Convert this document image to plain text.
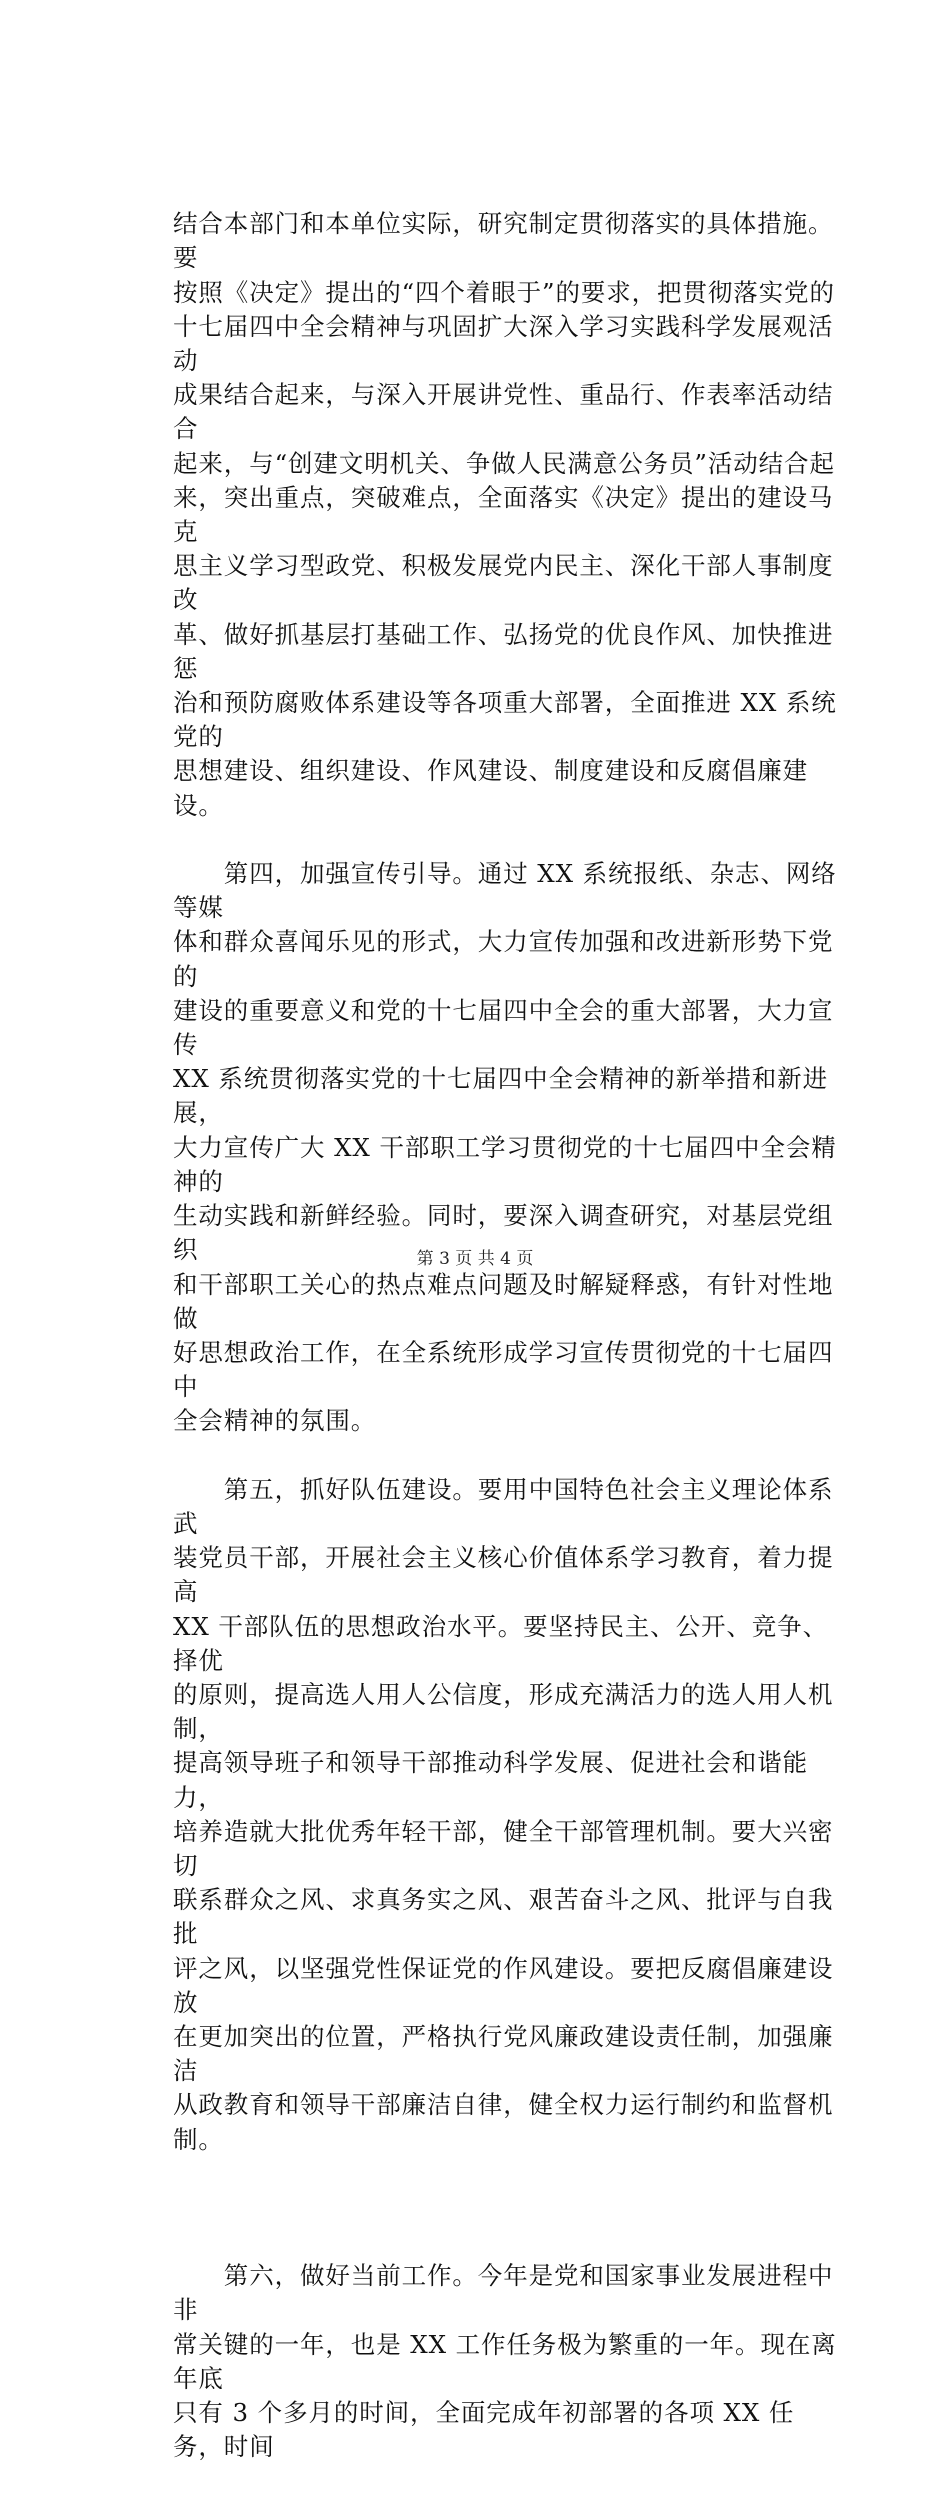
结合本部门和本单位实际，研究制定贯彻落实的具体措施。要
按照《决定》提出的“四个着眼于”的要求，把贯彻落实党的
十七届四中全会精神与巩固扩大深入学习实践科学发展观活动
成果结合起来，与深入开展讲党性、重品行、作表率活动结合
起来，与“创建文明机关、争做人民满意公务员”活动结合起
来，突出重点，突破难点，全面落实《决定》提出的建设马克
思主义学习型政党、积极发展党内民主、深化干部人事制度改
革、做好抓基层打基础工作、弘扬党的优良作风、加快推进惩
治和预防腐败体系建设等各项重大部署，全面推进 XX 系统党的
思想建设、组织建设、作风建设、制度建设和反腐倡廉建设。

　　第四，加强宣传引导。通过 XX 系统报纸、杂志、网络等媒
体和群众喜闻乐见的形式，大力宣传加强和改进新形势下党的
建设的重要意义和党的十七届四中全会的重大部署，大力宣传
XX 系统贯彻落实党的十七届四中全会精神的新举措和新进展，
大力宣传广大 XX 干部职工学习贯彻党的十七届四中全会精神的
生动实践和新鲜经验。同时，要深入调查研究，对基层党组织
和干部职工关心的热点难点问题及时解疑释惑，有针对性地做
好思想政治工作，在全系统形成学习宣传贯彻党的十七届四中
全会精神的氛围。

　　第五，抓好队伍建设。要用中国特色社会主义理论体系武
装党员干部，开展社会主义核心价值体系学习教育，着力提高
XX 干部队伍的思想政治水平。要坚持民主、公开、竞争、择优
的原则，提高选人用人公信度，形成充满活力的选人用人机制，
提高领导班子和领导干部推动科学发展、促进社会和谐能力，
培养造就大批优秀年轻干部，健全干部管理机制。要大兴密切
联系群众之风、求真务实之风、艰苦奋斗之风、批评与自我批
评之风，以坚强党性保证党的作风建设。要把反腐倡廉建设放
在更加突出的位置，严格执行党风廉政建设责任制，加强廉洁
从政教育和领导干部廉洁自律，健全权力运行制约和监督机制。

　　第六，做好当前工作。今年是党和国家事业发展进程中非
常关键的一年，也是 XX 工作任务极为繁重的一年。现在离年底
只有 3 个多月的时间，全面完成年初部署的各项 XX 任务，时间

第 3 页 共 4 页
